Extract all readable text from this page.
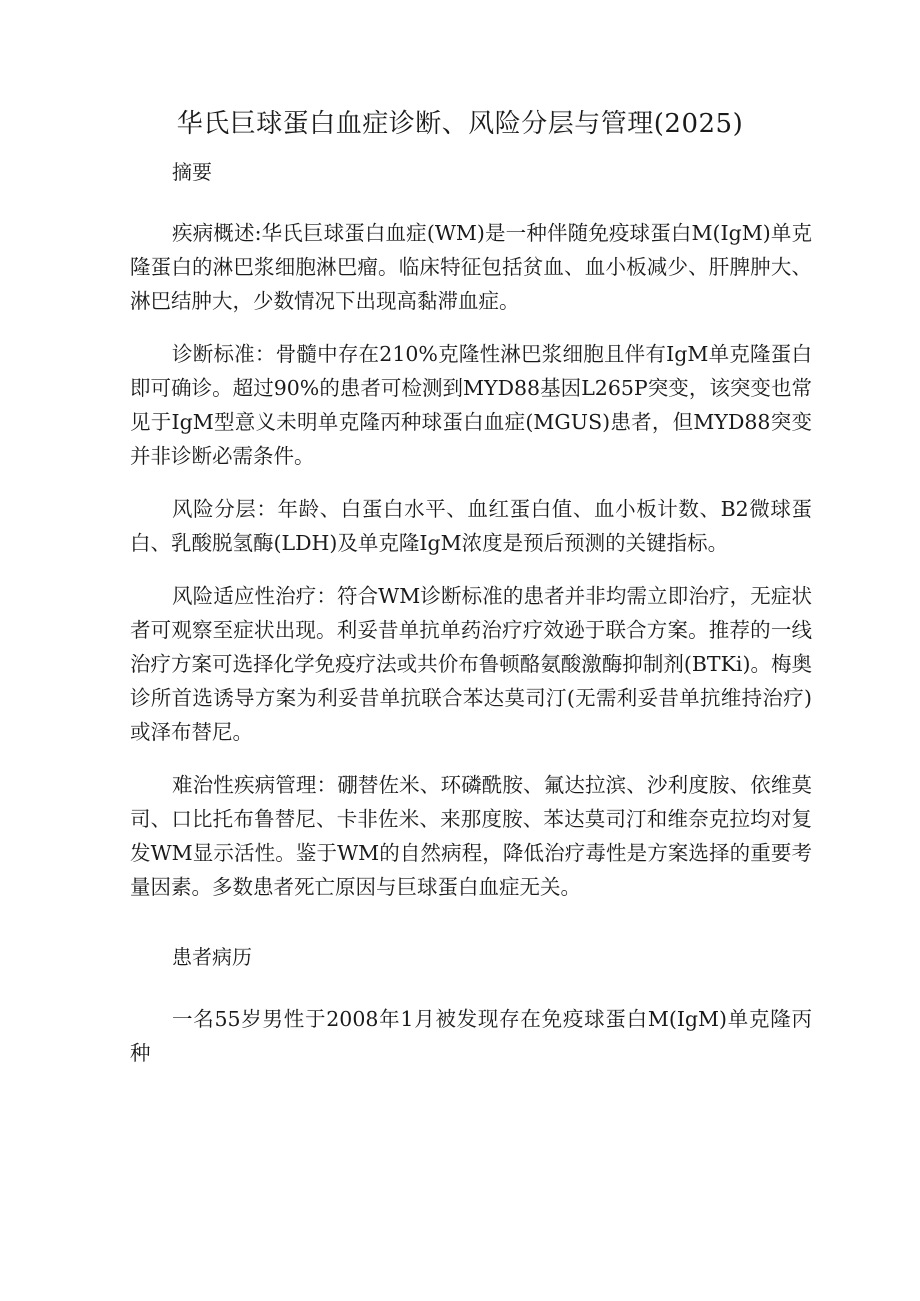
华氏巨球蛋白血症诊断、风险分层与管理(2025)

摘要

疾病概述:华氏巨球蛋白血症(WM)是一种伴随免疫球蛋白M(IgM)单克隆蛋白的淋巴浆细胞淋巴瘤。临床特征包括贫血、血小板减少、肝脾肿大、淋巴结肿大，少数情况下出现高黏滞血症。

诊断标准：骨髓中存在210%克隆性淋巴浆细胞且伴有IgM单克隆蛋白即可确诊。超过90%的患者可检测到MYD88基因L265P突变，该突变也常见于IgM型意义未明单克隆丙种球蛋白血症(MGUS)患者，但MYD88突变并非诊断必需条件。

风险分层：年龄、白蛋白水平、血红蛋白值、血小板计数、B2微球蛋白、乳酸脱氢酶(LDH)及单克隆IgM浓度是预后预测的关键指标。

风险适应性治疗：符合WM诊断标准的患者并非均需立即治疗，无症状者可观察至症状出现。利妥昔单抗单药治疗疗效逊于联合方案。推荐的一线治疗方案可选择化学免疫疗法或共价布鲁顿酪氨酸激酶抑制剂(BTKi)。梅奥诊所首选诱导方案为利妥昔单抗联合苯达莫司汀(无需利妥昔单抗维持治疗)或泽布替尼。

难治性疾病管理：硼替佐米、环磷酰胺、氟达拉滨、沙利度胺、依维莫司、口比托布鲁替尼、卡非佐米、来那度胺、苯达莫司汀和维奈克拉均对复发WM显示活性。鉴于WM的自然病程，降低治疗毒性是方案选择的重要考量因素。多数患者死亡原因与巨球蛋白血症无关。

患者病历

一名55岁男性于2008年1月被发现存在免疫球蛋白M(IgM)单克隆丙种
